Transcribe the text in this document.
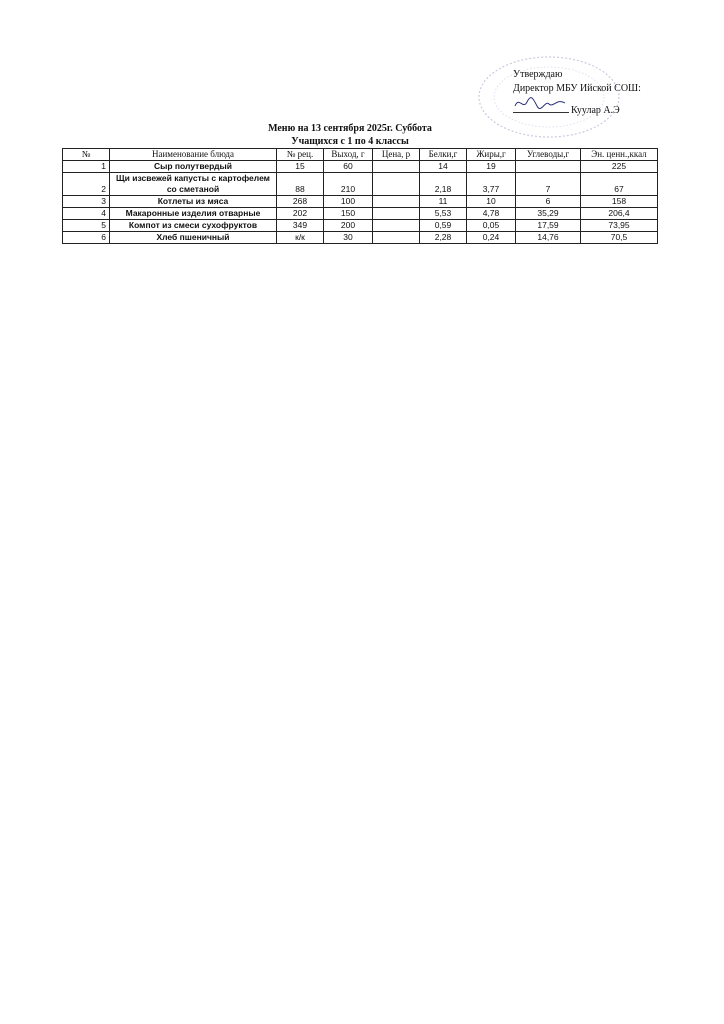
Утверждаю
Директор МБУ Ийской СОШ:
Куулар А.Э
Меню на 13 сентября 2025г. Суббота
Учащихся с 1 по 4 классы
№	Наименование блюда	№ рец.	Выход, г	Цена, р	Белки,г	Жиры,г	Углеводы,г	Эн. ценн.,ккал
1	Сыр полутвердый	15	60		14	19		225
2	Щи изсвежей капусты с картофелем
со сметаной	88	210		2,18	3,77	7	67
3	Котлеты из мяса	268	100		11	10	6	158
4	Макаронные изделия отварные	202	150		5,53	4,78	35,29	206,4
5	Компот из смеси сухофруктов	349	200		0,59	0,05	17,59	73,95
6	Хлеб пшеничный	к/к	30		2,28	0,24	14,76	70,5
